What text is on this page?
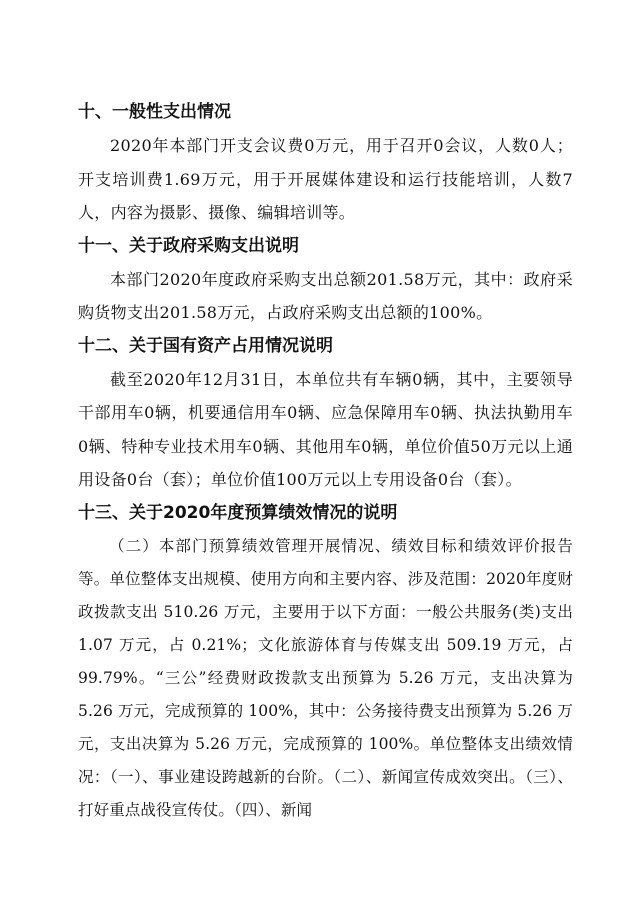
十、一般性支出情况

2020年本部门开支会议费0万元，用于召开0会议，人数0人；开支培训费1.69万元，用于开展媒体建设和运行技能培训，人数7人，内容为摄影、摄像、编辑培训等。

十一、关于政府采购支出说明

本部门2020年度政府采购支出总额201.58万元，其中：政府采购货物支出201.58万元，占政府采购支出总额的100%。

十二、关于国有资产占用情况说明

截至2020年12月31日，本单位共有车辆0辆，其中，主要领导干部用车0辆，机要通信用车0辆、应急保障用车0辆、执法执勤用车0辆、特种专业技术用车0辆、其他用车0辆，单位价值50万元以上通用设备0台（套）；单位价值100万元以上专用设备0台（套）。

十三、关于2020年度预算绩效情况的说明

（二）本部门预算绩效管理开展情况、绩效目标和绩效评价报告等。单位整体支出规模、使用方向和主要内容、涉及范围：2020年度财政拨款支出 510.26 万元，主要用于以下方面：一般公共服务(类)支出 1.07 万元，占 0.21%；文化旅游体育与传媒支出 509.19 万元，占 99.79%。“三公”经费财政拨款支出预算为 5.26 万元，支出决算为 5.26 万元，完成预算的 100%，其中：公务接待费支出预算为 5.26 万元，支出决算为 5.26 万元，完成预算的 100%。单位整体支出绩效情况：（一）、事业建设跨越新的台阶。（二）、新闻宣传成效突出。（三）、打好重点战役宣传仗。（四）、新闻
